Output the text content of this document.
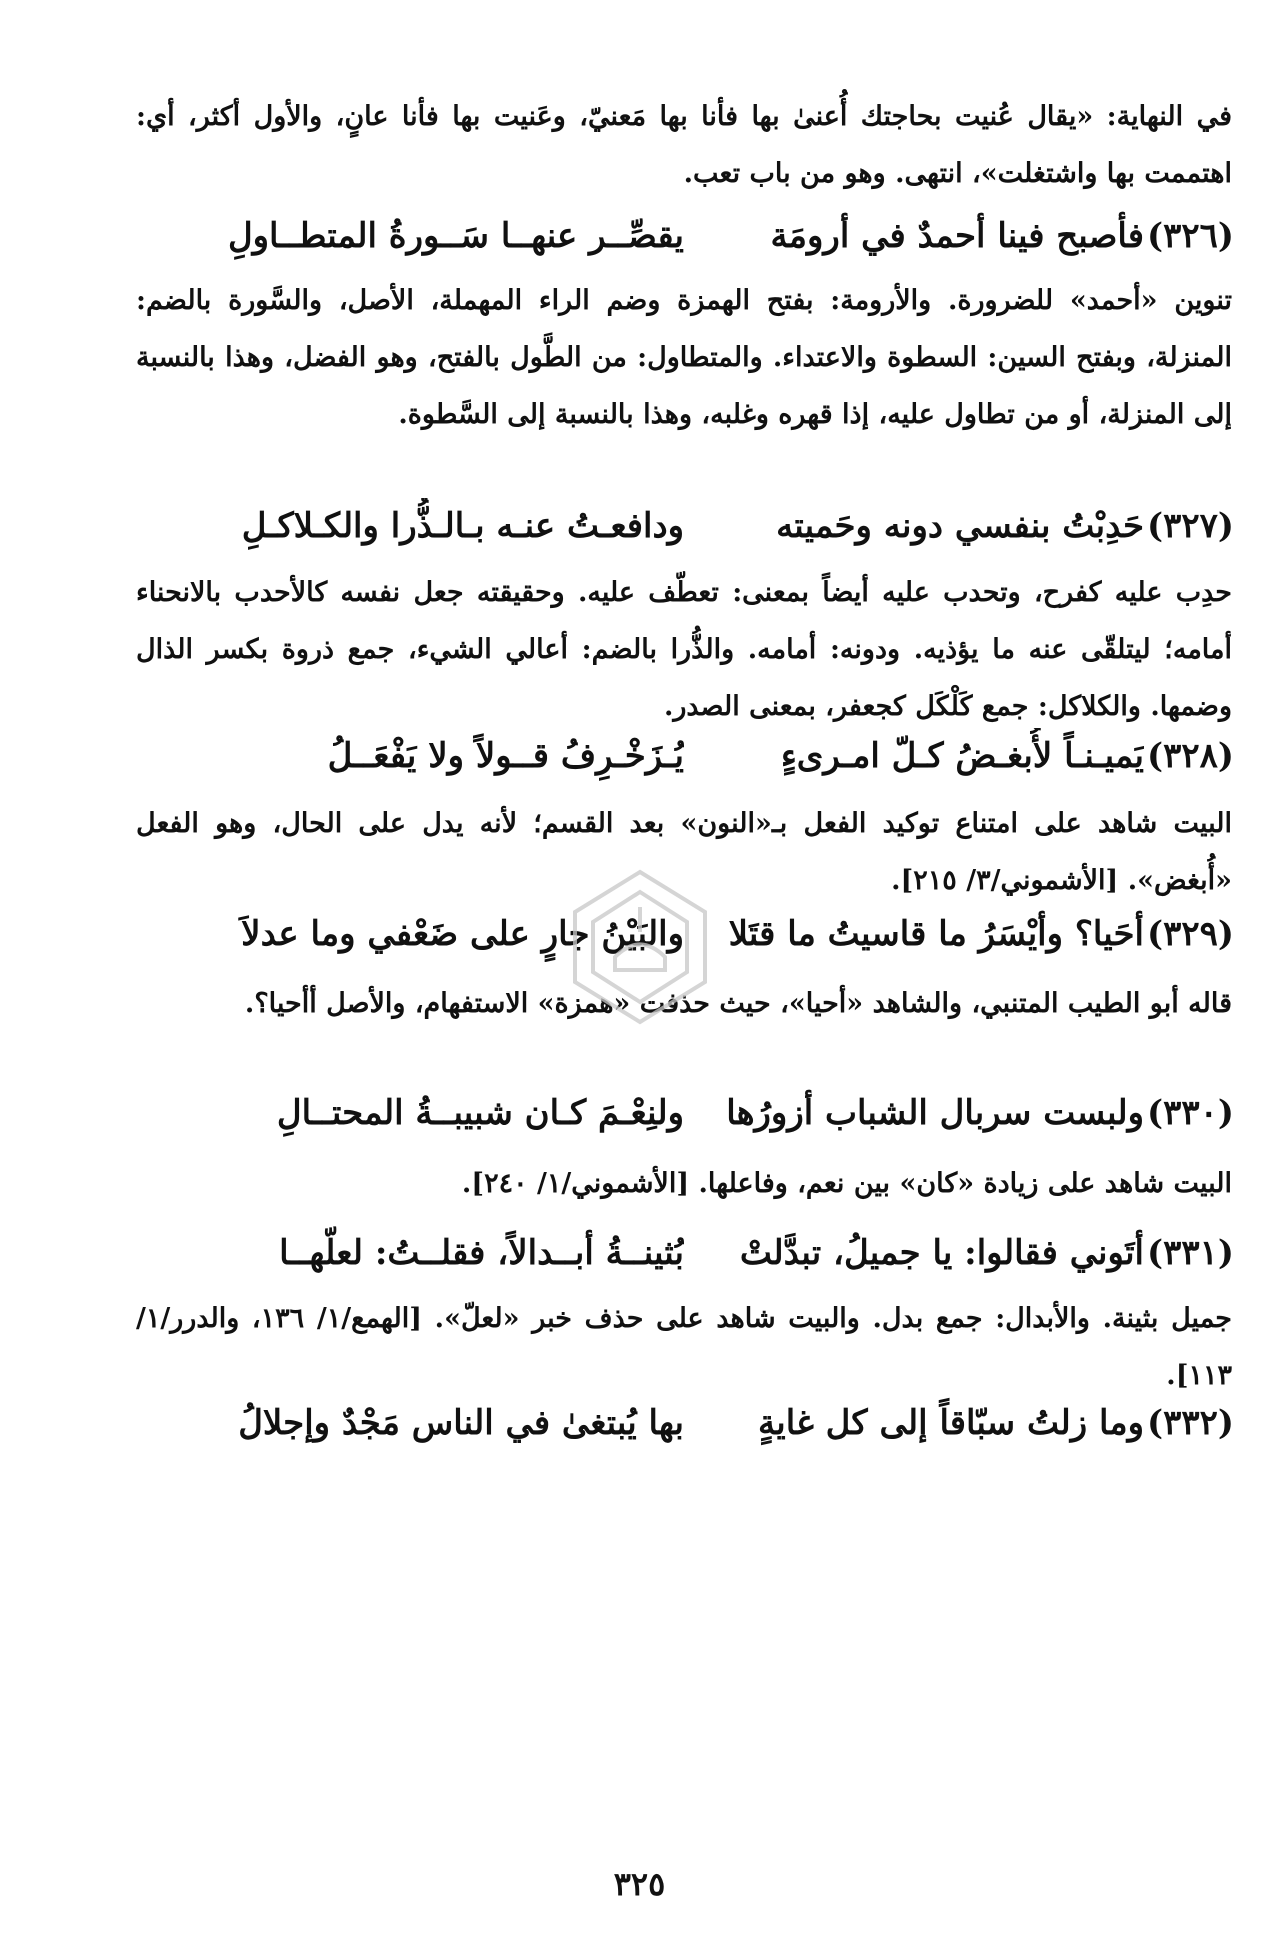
في النهاية: «يقال عُنيت بحاجتك أُعنىٰ بها فأنا بها مَعنيّ، وعَنيت بها فأنا عانٍ، والأول أكثر، أي: اهتممت بها واشتغلت»، انتهى. وهو من باب تعب.
(٣٢٦)
فأصبح فينا أحمدٌ في أرومَة
يقصِّــر عنهــا سَــورةُ المتطــاولِ
تنوين «أحمد» للضرورة. والأرومة: بفتح الهمزة وضم الراء المهملة، الأصل، والسَّورة بالضم: المنزلة، وبفتح السين: السطوة والاعتداء. والمتطاول: من الطَّول بالفتح، وهو الفضل، وهذا بالنسبة إلى المنزلة، أو من تطاول عليه، إذا قهره وغلبه، وهذا بالنسبة إلى السَّطوة.
(٣٢٧)
حَدِبْتُ بنفسي دونه وحَميته
ودافعـتُ عنـه بـالـذُّرا والكـلاكـلِ
حدِب عليه كفرح، وتحدب عليه أيضاً بمعنى: تعطّف عليه. وحقيقته جعل نفسه كالأحدب بالانحناء أمامه؛ ليتلقّى عنه ما يؤذيه. ودونه: أمامه. والذُّرا بالضم: أعالي الشيء، جمع ذروة بكسر الذال وضمها. والكلاكل: جمع كَلْكَل كجعفر، بمعنى الصدر.
(٣٢٨)
يَميـنـاً لأُبغـضُ كـلّ امـرىءٍ
يُـزَخْـرِفُ قــولاً ولا يَفْعَــلُ
البيت شاهد على امتناع توكيد الفعل بـ«النون» بعد القسم؛ لأنه يدل على الحال، وهو الفعل «أُبغض». [الأشموني/٣/ ٢١٥].
(٣٢٩)
أحَيا؟ وأيْسَرُ ما قاسيتُ ما قتَلا
والبَيْنُ جارٍ على ضَعْفي وما عدلاَ
قاله أبو الطيب المتنبي، والشاهد «أحيا»، حيث حذفت «همزة» الاستفهام، والأصل أأحيا؟.
(٣٣٠)
ولبست سربال الشباب أزورُها
ولنِعْـمَ كـان شبيبــةُ المحتــالِ
البيت شاهد على زيادة «كان» بين نعم، وفاعلها. [الأشموني/١/ ٢٤٠].
(٣٣١)
أتَوني فقالوا: يا جميلُ، تبدَّلتْ
بُثينــةُ أبــدالاً، فقلــتُ: لعلّهــا
جميل بثينة. والأبدال: جمع بدل. والبيت شاهد على حذف خبر «لعلّ». [الهمع/١/ ١٣٦، والدرر/١/ ١١٣].
(٣٣٢)
وما زلتُ سبّاقاً إلى كل غايةٍ
بها يُبتغىٰ في الناس مَجْدٌ وإجلالُ
٣٢٥
